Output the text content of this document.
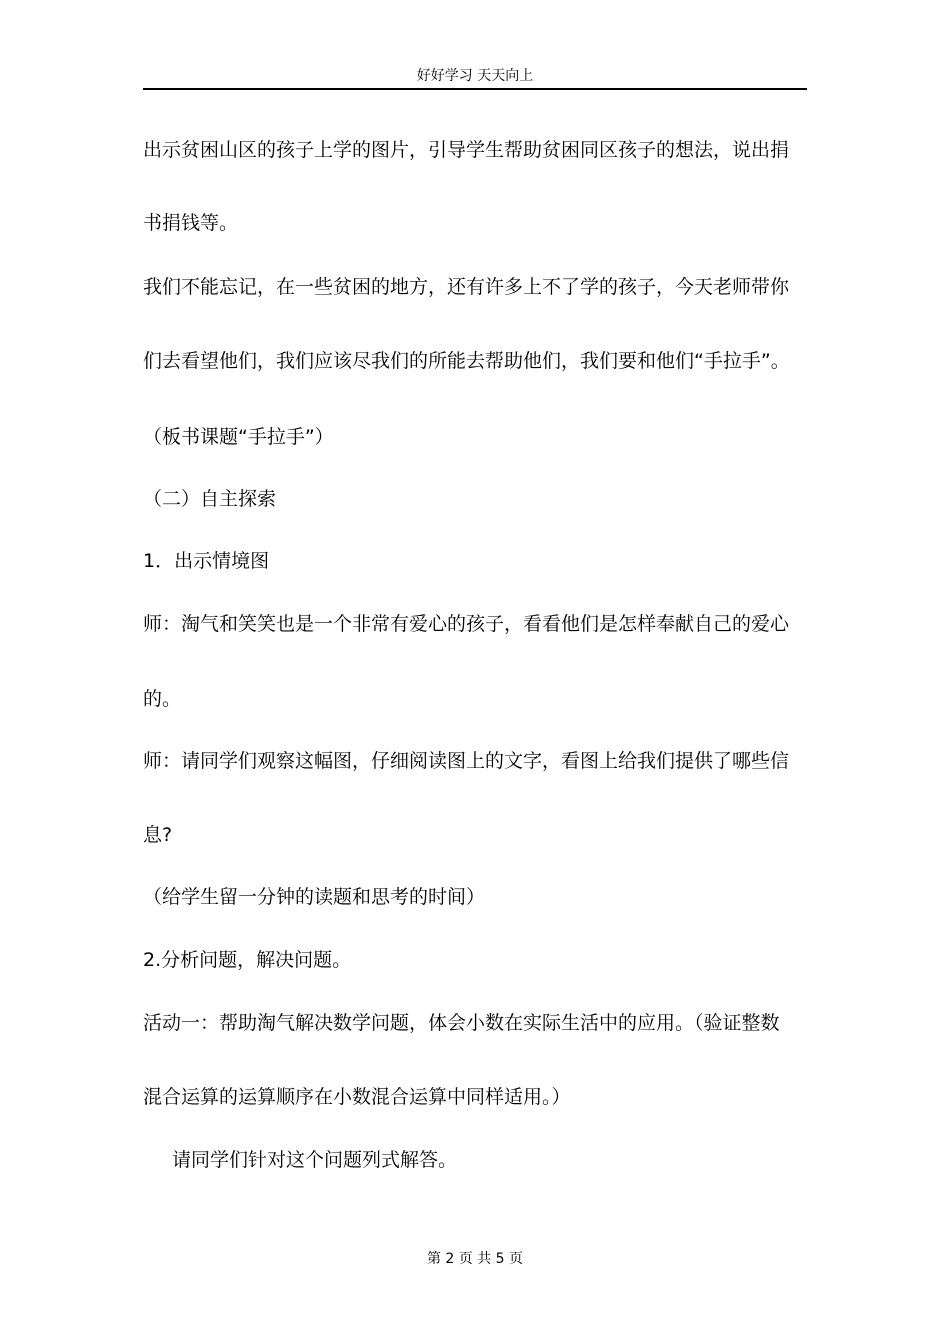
好好学习 天天向上
出示贫困山区的孩子上学的图片，引导学生帮助贫困同区孩子的想法，说出捐
书捐钱等。
我们不能忘记，在一些贫困的地方，还有许多上不了学的孩子，今天老师带你
们去看望他们，我们应该尽我们的所能去帮助他们，我们要和他们“手拉手”。
（板书课题“手拉手”）
（二）自主探索
1．出示情境图
师：淘气和笑笑也是一个非常有爱心的孩子，看看他们是怎样奉献自己的爱心
的。
师：请同学们观察这幅图，仔细阅读图上的文字，看图上给我们提供了哪些信
息?
（给学生留一分钟的读题和思考的时间）
2.分析问题，解决问题。
活动一：帮助淘气解决数学问题，体会小数在实际生活中的应用。（验证整数
混合运算的运算顺序在小数混合运算中同样适用。）
请同学们针对这个问题列式解答。
第 2 页 共 5 页
